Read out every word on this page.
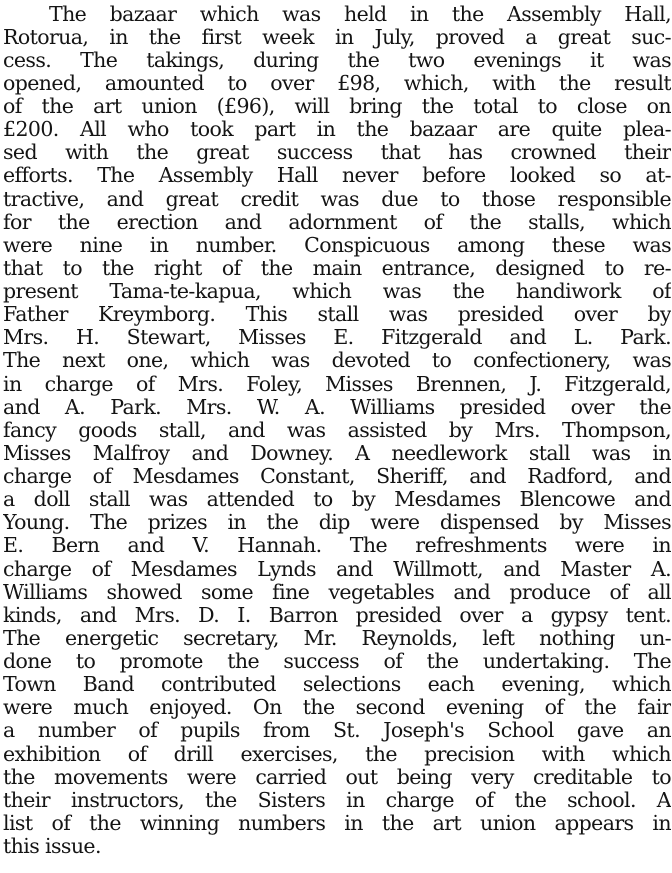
The bazaar which was held in the Assembly Hall,
Rotorua, in the first week in July, proved a great suc-
cess. The takings, during the two evenings it was
opened, amounted to over £98, which, with the result
of the art union (£96), will bring the total to close on
£200. All who took part in the bazaar are quite plea-
sed with the great success that has crowned their
efforts. The Assembly Hall never before looked so at-
tractive, and great credit was due to those responsible
for the erection and adornment of the stalls, which
were nine in number. Conspicuous among these was
that to the right of the main entrance, designed to re-
present Tama-te-kapua, which was the handiwork of
Father Kreymborg. This stall was presided over by
Mrs. H. Stewart, Misses E. Fitzgerald and L. Park.
The next one, which was devoted to confectionery, was
in charge of Mrs. Foley, Misses Brennen, J. Fitzgerald,
and A. Park. Mrs. W. A. Williams presided over the
fancy goods stall, and was assisted by Mrs. Thompson,
Misses Malfroy and Downey. A needlework stall was in
charge of Mesdames Constant, Sheriff, and Radford, and
a doll stall was attended to by Mesdames Blencowe and
Young. The prizes in the dip were dispensed by Misses
E. Bern and V. Hannah. The refreshments were in
charge of Mesdames Lynds and Willmott, and Master A.
Williams showed some fine vegetables and produce of all
kinds, and Mrs. D. I. Barron presided over a gypsy tent.
The energetic secretary, Mr. Reynolds, left nothing un-
done to promote the success of the undertaking. The
Town Band contributed selections each evening, which
were much enjoyed. On the second evening of the fair
a number of pupils from St. Joseph's School gave an
exhibition of drill exercises, the precision with which
the movements were carried out being very creditable to
their instructors, the Sisters in charge of the school. A
list of the winning numbers in the art union appears in
this issue.
